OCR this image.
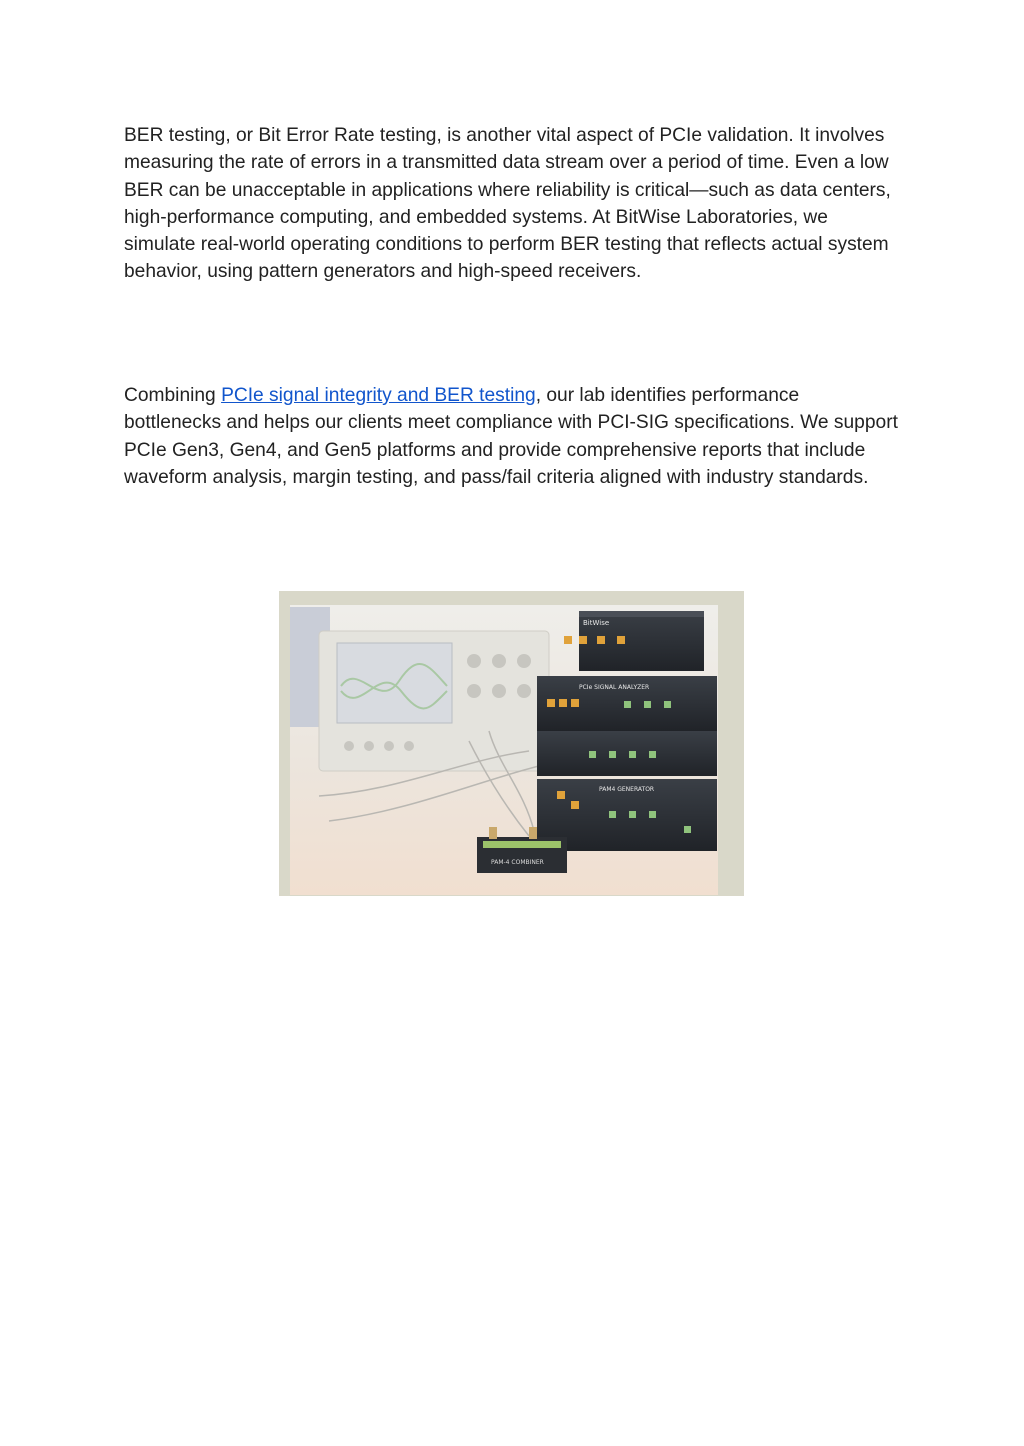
BER testing, or Bit Error Rate testing, is another vital aspect of PCIe validation. It involves measuring the rate of errors in a transmitted data stream over a period of time. Even a low BER can be unacceptable in applications where reliability is critical—such as data centers, high-performance computing, and embedded systems. At BitWise Laboratories, we simulate real-world operating conditions to perform BER testing that reflects actual system behavior, using pattern generators and high-speed receivers.

Combining PCIe signal integrity and BER testing, our lab identifies performance bottlenecks and helps our clients meet compliance with PCI-SIG specifications. We support PCIe Gen3, Gen4, and Gen5 platforms and provide comprehensive reports that include waveform analysis, margin testing, and pass/fail criteria aligned with industry standards.

BitWise
PCIe SIGNAL ANALYZER
PAM4 GENERATOR
PAM-4 COMBINER
